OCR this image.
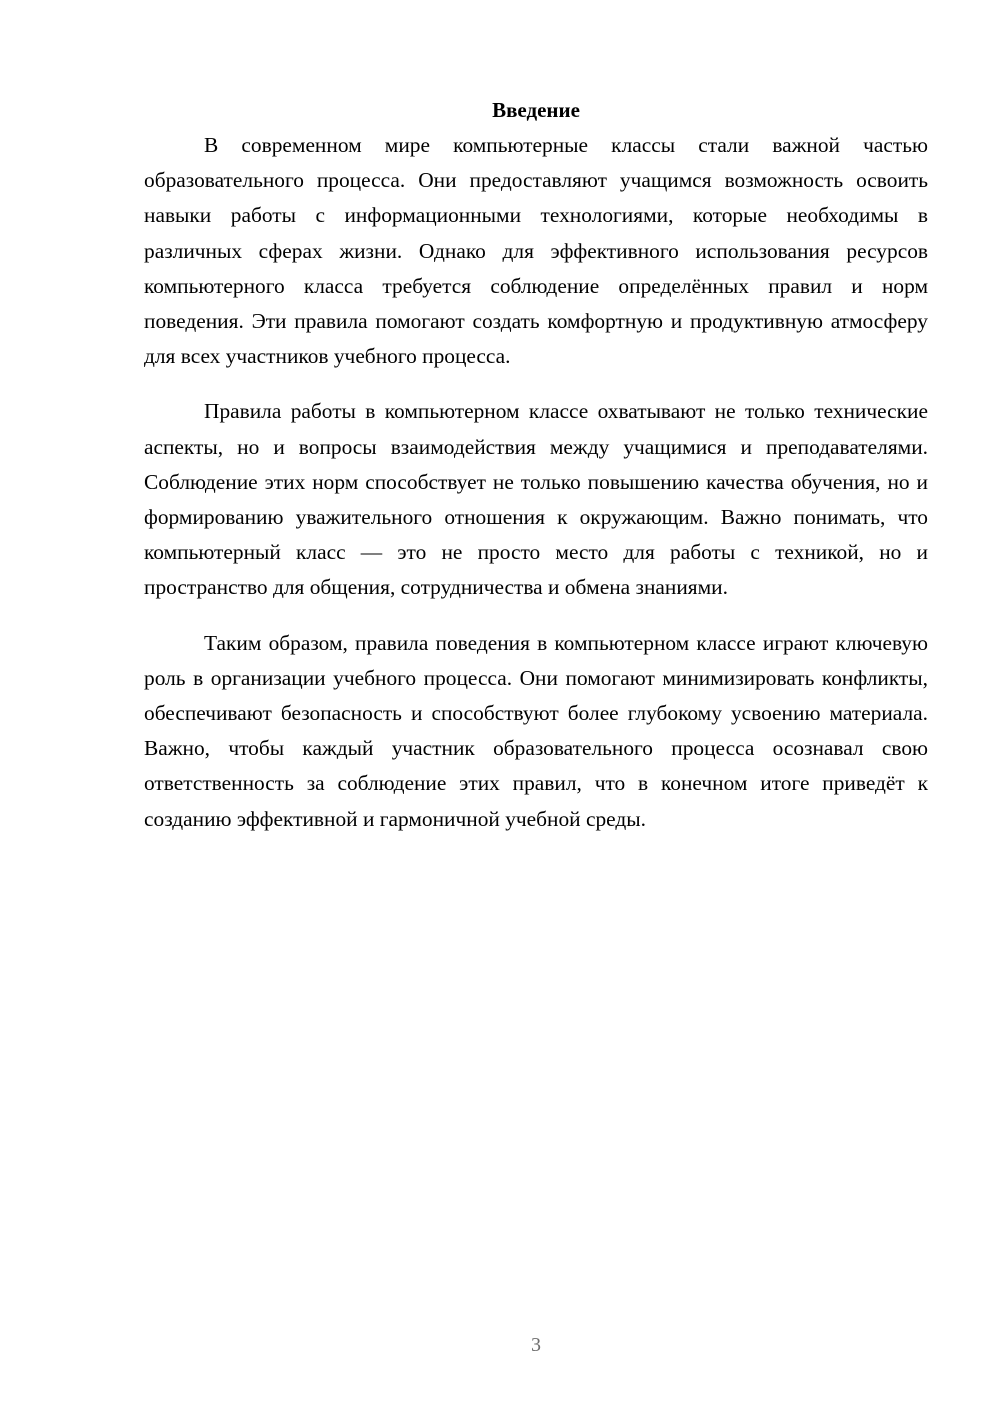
Введение

В современном мире компьютерные классы стали важной частью образовательного процесса. Они предоставляют учащимся возможность освоить навыки работы с информационными технологиями, которые необходимы в различных сферах жизни. Однако для эффективного использования ресурсов компьютерного класса требуется соблюдение определённых правил и норм поведения. Эти правила помогают создать комфортную и продуктивную атмосферу для всех участников учебного процесса.

Правила работы в компьютерном классе охватывают не только технические аспекты, но и вопросы взаимодействия между учащимися и преподавателями. Соблюдение этих норм способствует не только повышению качества обучения, но и формированию уважительного отношения к окружающим. Важно понимать, что компьютерный класс — это не просто место для работы с техникой, но и пространство для общения, сотрудничества и обмена знаниями.

Таким образом, правила поведения в компьютерном классе играют ключевую роль в организации учебного процесса. Они помогают минимизировать конфликты, обеспечивают безопасность и способствуют более глубокому усвоению материала. Важно, чтобы каждый участник образовательного процесса осознавал свою ответственность за соблюдение этих правил, что в конечном итоге приведёт к созданию эффективной и гармоничной учебной среды.

3
